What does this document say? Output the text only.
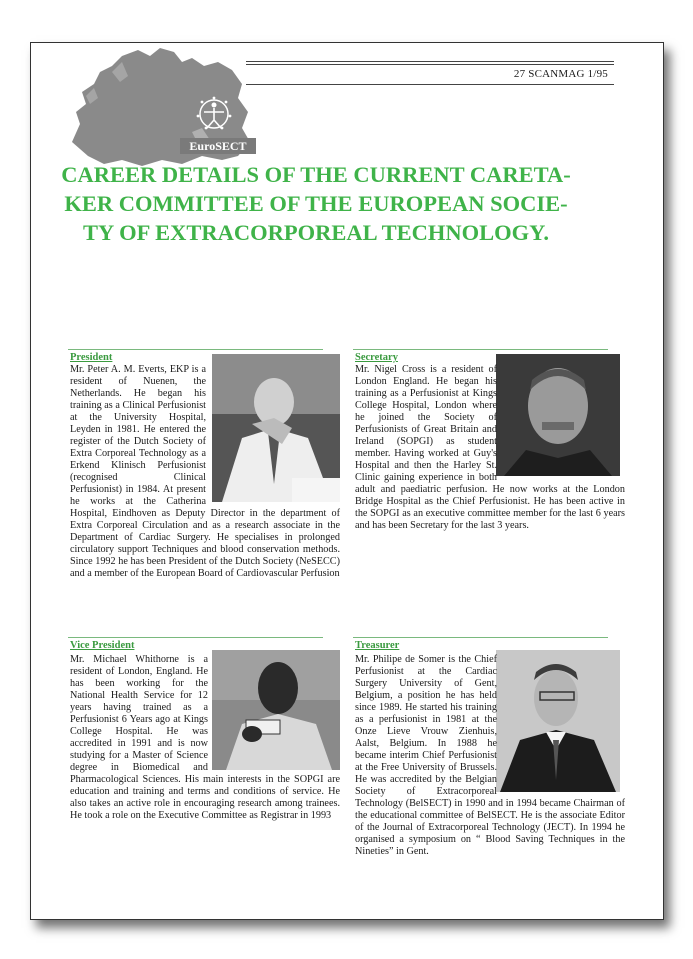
EuroSECT
27 SCANMAG 1/95
CAREER DETAILS OF THE CURRENT CARETA-
KER COMMITTEE OF THE EUROPEAN SOCIE-
TY OF EXTRACORPOREAL TECHNOLOGY.
President
Mr. Peter A. M. Everts, EKP is a resident of Nuenen, the Netherlands. He began his training as a Clinical Perfusionist at the University Hospital, Leyden in 1981. He entered the register of the Dutch Society of Extra Corporeal Technology as a Erkend Klinisch Perfusionist (recognised Clinical Perfusionist) in 1984. At present he works at the Catherina Hospital, Eindhoven as Deputy Director in the department of Extra Corporeal Circulation and as a research associate in the Department of Cardiac Surgery. He specialises in prolonged circulatory support Techniques and blood conservation methods. Since 1992 he has been President of the Dutch Society (NeSECC) and a member of the European Board of Cardiovascular Perfusion
Secretary
Mr. Nigel Cross is a resident of London England. He began his training as a Perfusionist at Kings College Hospital, London where he joined the Society of Perfusionists of Great Britain and Ireland (SOPGI) as student member. Having worked at Guy's Hospital and then the Harley St. Clinic gaining experience in both adult and paediatric perfusion. He now works at the London Bridge Hospital as the Chief Perfusionist. He has been active in the SOPGI as an executive committee member for the last 6 years and has been Secretary for the last 3 years.
Vice President
Mr. Michael Whithorne is a resident of London, England. He has been working for the National Health Service for 12 years having trained as a Perfusionist 6 Years ago at Kings College Hospital. He was accredited in 1991 and is now studying for a Master of Science degree in Biomedical and Pharmacological Sciences. His main interests in the SOPGI are education and training and terms and conditions of service. He also takes an active role in encouraging research among trainees. He took a role on the Executive Committee as Registrar in 1993
Treasurer
Mr. Philipe de Somer is the Chief Perfusionist at the Cardiac Surgery University of Gent, Belgium, a position he has held since 1989. He started his training as a perfusionist in 1981 at the Onze Lieve Vrouw Zienhuis, Aalst, Belgium. In 1988 he became interim Chief Perfusionist at the Free University of Brussels. He was accredited by the Belgian Society of Extracorporeal Technology (BelSECT) in 1990 and in 1994 became Chairman of the educational committee of BelSECT. He is the associate Editor of the Journal of Extracorporeal Technology (JECT). In 1994 he organised a symposium on “ Blood Saving Techniques in the Nineties” in Gent.
